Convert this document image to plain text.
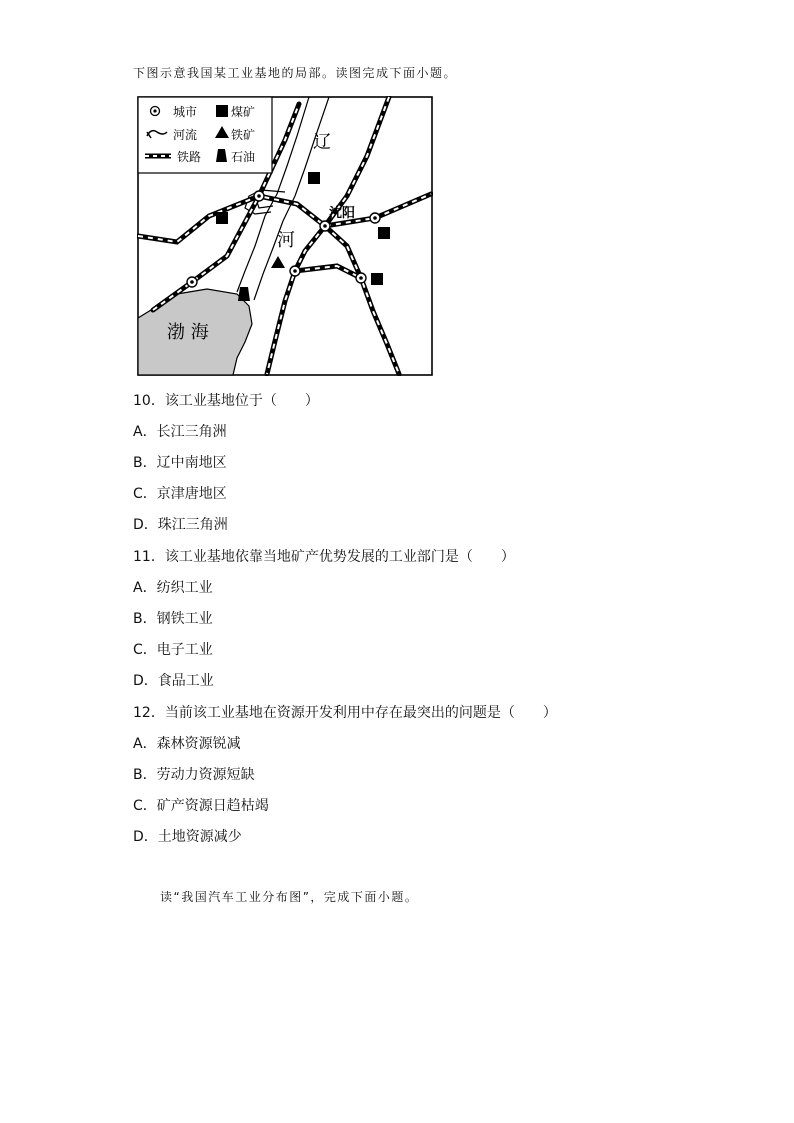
下图示意我国某工业基地的局部。读图完成下面小题。
城市	煤矿
河流	铁矿
铁路 石油
辽
河
沈阳
渤 海
10．该工业基地位于（　　）
A．长江三角洲
B．辽中南地区
C．京津唐地区
D．珠江三角洲
11．该工业基地依靠当地矿产优势发展的工业部门是（　　）
A．纺织工业
B．钢铁工业
C．电子工业
D．食品工业
12．当前该工业基地在资源开发利用中存在最突出的问题是（　　）
A．森林资源锐减
B．劳动力资源短缺
C．矿产资源日趋枯竭
D．土地资源减少
读“我国汽车工业分布图”，完成下面小题。
